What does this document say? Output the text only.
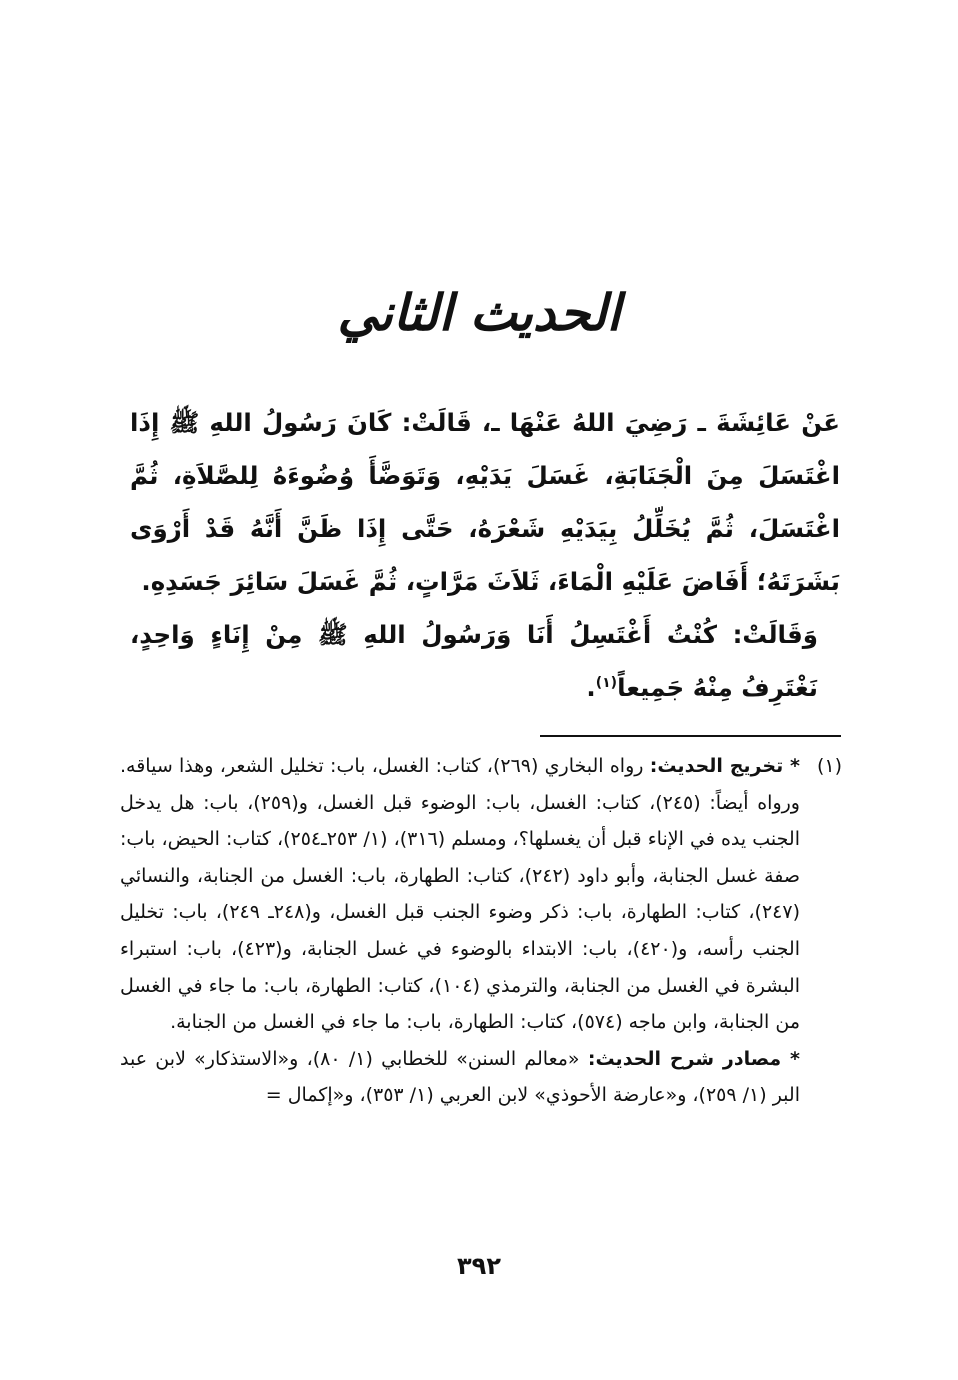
الحديث الثاني

عَنْ عَائِشَةَ ـ رَضِيَ اللهُ عَنْهَا ـ، قَالَتْ: كَانَ رَسُولُ اللهِ ﷺ إِذَا اغْتَسَلَ مِنَ الْجَنَابَةِ، غَسَلَ يَدَيْهِ، وَتَوَضَّأَ وُضُوءَهُ لِلصَّلاَةِ، ثُمَّ اغْتَسَلَ، ثُمَّ يُخَلِّلُ بِيَدَيْهِ شَعْرَهُ، حَتَّى إِذَا ظَنَّ أَنَّهُ قَدْ أَرْوَى بَشَرَتَهُ؛ أَفَاضَ عَلَيْهِ الْمَاءَ، ثَلاَثَ مَرَّاتٍ، ثُمَّ غَسَلَ سَائِرَ جَسَدِهِ.

وَقَالَتْ: كُنْتُ أَغْتَسِلُ أَنَا وَرَسُولُ اللهِ ﷺ مِنْ إِنَاءٍ وَاحِدٍ، نَغْتَرِفُ مِنْهُ جَمِيعاً$^{(١)}$.

(١)

* تخريج الحديث: رواه البخاري (٢٦٩)، كتاب: الغسل، باب: تخليل الشعر، وهذا سياقه. ورواه أيضاً: (٢٤٥)، كتاب: الغسل، باب: الوضوء قبل الغسل، و(٢٥٩)، باب: هل يدخل الجنب يده في الإناء قبل أن يغسلها؟، ومسلم (٣١٦)، (١/ ٢٥٣ـ٢٥٤)، كتاب: الحيض، باب: صفة غسل الجنابة، وأبو داود (٢٤٢)، كتاب: الطهارة، باب: الغسل من الجنابة، والنسائي (٢٤٧)، كتاب: الطهارة، باب: ذكر وضوء الجنب قبل الغسل، و(٢٤٨ـ ٢٤٩)، باب: تخليل الجنب رأسه، و(٤٢٠)، باب: الابتداء بالوضوء في غسل الجنابة، و(٤٢٣)، باب: استبراء البشرة في الغسل من الجنابة، والترمذي (١٠٤)، كتاب: الطهارة، باب: ما جاء في الغسل من الجنابة، وابن ماجه (٥٧٤)، كتاب: الطهارة، باب: ما جاء في الغسل من الجنابة.

* مصادر شرح الحديث: «معالم السنن» للخطابي (١/ ٨٠)، و«الاستذكار» لابن عبد البر (١/ ٢٥٩)، و«عارضة الأحوذي» لابن العربي (١/ ٣٥٣)، و«إكمال =

٣٩٢
